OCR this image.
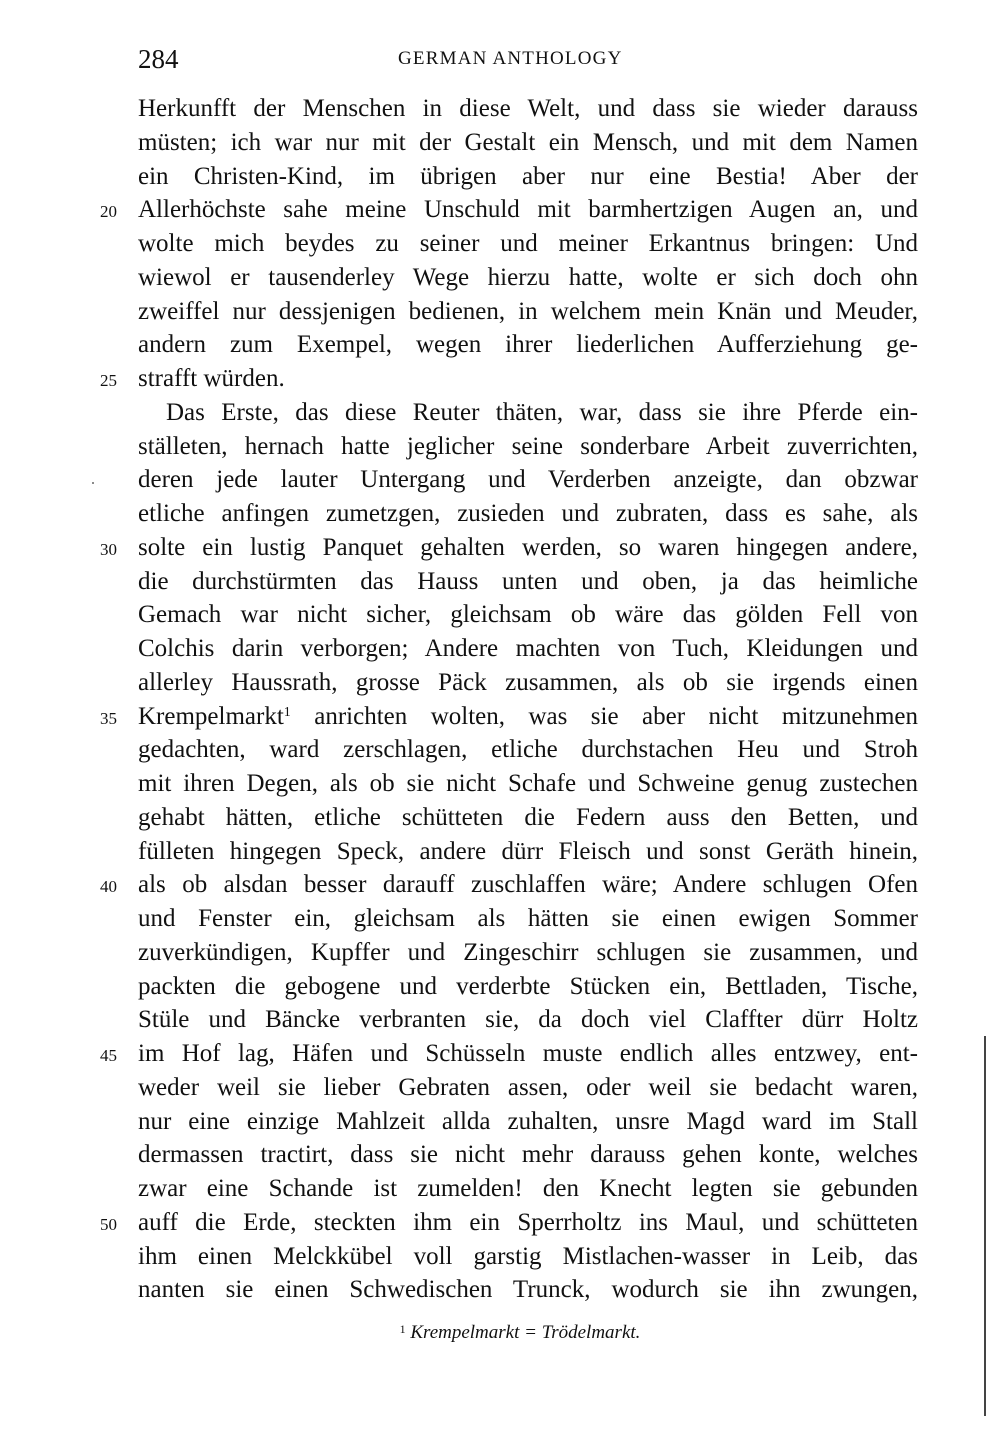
284	GERMAN ANTHOLOGY
Herkunfft der Menschen in diese Welt, und dass sie wieder darauss
müsten; ich war nur mit der Gestalt ein Mensch, und mit dem Namen
ein Christen-Kind, im übrigen aber nur eine Bestia! Aber der
20 Allerhöchste sahe meine Unschuld mit barmhertzigen Augen an, und
wolte mich beydes zu seiner und meiner Erkantnus bringen: Und
wiewol er tausenderley Wege hierzu hatte, wolte er sich doch ohn
zweiffel nur dessjenigen bedienen, in welchem mein Knän und Meuder,
andern zum Exempel, wegen ihrer liederlichen Aufferziehung ge-
25 strafft würden.
Das Erste, das diese Reuter thäten, war, dass sie ihre Pferde ein-
ställeten, hernach hatte jeglicher seine sonderbare Arbeit zuverrichten,
deren jede lauter Untergang und Verderben anzeigte, dan obzwar
etliche anfingen zumetzgen, zusieden und zubraten, dass es sahe, als
30 solte ein lustig Panquet gehalten werden, so waren hingegen andere,
die durchstürmten das Hauss unten und oben, ja das heimliche
Gemach war nicht sicher, gleichsam ob wäre das gölden Fell von
Colchis darin verborgen; Andere machten von Tuch, Kleidungen und
allerley Haussrath, grosse Päck zusammen, als ob sie irgends einen
35 Krempelmarkt$^1$ anrichten wolten, was sie aber nicht mitzunehmen
gedachten, ward zerschlagen, etliche durchstachen Heu und Stroh
mit ihren Degen, als ob sie nicht Schafe und Schweine genug zustechen
gehabt hätten, etliche schütteten die Federn auss den Betten, und
fülleten hingegen Speck, andere dürr Fleisch und sonst Geräth hinein,
40 als ob alsdan besser darauff zuschlaffen wäre; Andere schlugen Ofen
und Fenster ein, gleichsam als hätten sie einen ewigen Sommer
zuverkündigen, Kupffer und Zingeschirr schlugen sie zusammen, und
packten die gebogene und verderbte Stücken ein, Bettladen, Tische,
Stüle und Bäncke verbranten sie, da doch viel Claffter dürr Holtz
45 im Hof lag, Häfen und Schüsseln muste endlich alles entzwey, ent-
weder weil sie lieber Gebraten assen, oder weil sie bedacht waren,
nur eine einzige Mahlzeit allda zuhalten, unsre Magd ward im Stall
dermassen tractirt, dass sie nicht mehr darauss gehen konte, welches
zwar eine Schande ist zumelden! den Knecht legten sie gebunden
50 auff die Erde, steckten ihm ein Sperrholtz ins Maul, und schütteten
ihm einen Melckkübel voll garstig Mistlachen-wasser in Leib, das
nanten sie einen Schwedischen Trunck, wodurch sie ihn zwungen,
$^1$ Krempelmarkt = Trödelmarkt.
